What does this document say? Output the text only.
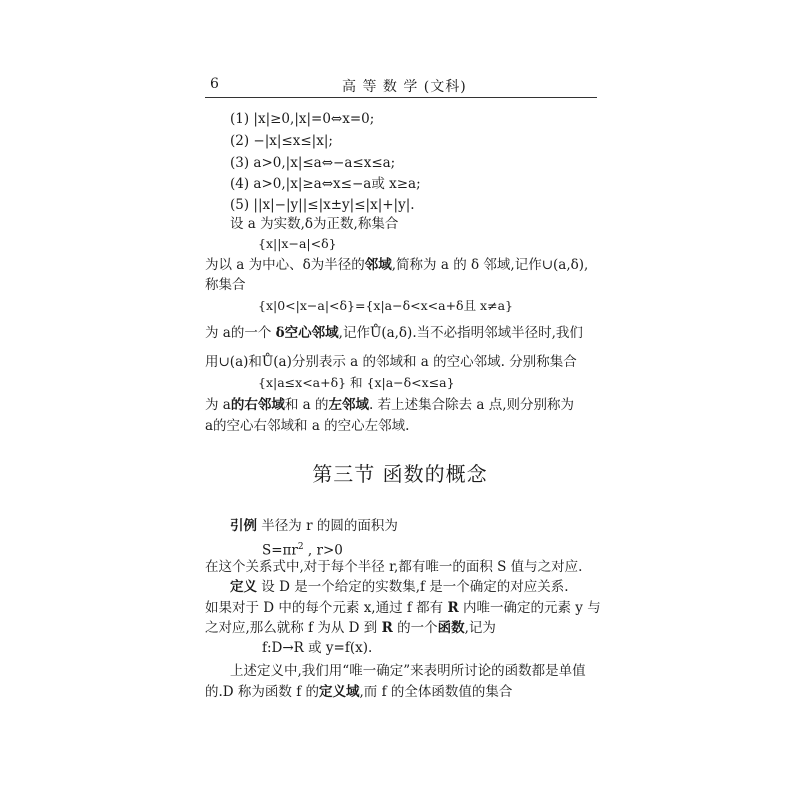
6	高 等 数 学 (文科)
(1) |x|≥0,|x|=0⇔x=0;
(2) −|x|≤x≤|x|;
(3) a>0,|x|≤a⇔−a≤x≤a;
(4) a>0,|x|≥a⇔x≤−a或 x≥a;
(5) ||x|−|y||≤|x±y|≤|x|+|y|.
设 a 为实数,δ为正数,称集合
{x||x−a|<δ}
为以 a 为中心、δ为半径的邻域,简称为 a 的 δ 邻域,记作∪(a,δ),
称集合
{x|0<|x−a|<δ}={x|a−δ<x<a+δ且 x≠a}
为 a的一个 δ空心邻域,记作Ů(a,δ).当不必指明邻域半径时,我们
用∪(a)和Ů(a)分别表示 a 的邻域和 a 的空心邻域. 分别称集合
{x|a≤x<a+δ} 和 {x|a−δ<x≤a}
为 a的右邻域和 a 的左邻域. 若上述集合除去 a 点,则分别称为
a的空心右邻域和 a 的空心左邻域.
第三节 函数的概念
引例 半径为 r 的圆的面积为
$S=\pi r^2$ , r>0
在这个关系式中,对于每个半径 r,都有唯一的面积 S 值与之对应.
定义 设 D 是一个给定的实数集,f 是一个确定的对应关系.
如果对于 D 中的每个元素 x,通过 f 都有 R 内唯一确定的元素 y 与
之对应,那么就称 f 为从 D 到 R 的一个函数,记为
f:D→R 或 y=f(x).
上述定义中,我们用“唯一确定”来表明所讨论的函数都是单值
的.D 称为函数 f 的定义域,而 f 的全体函数值的集合
